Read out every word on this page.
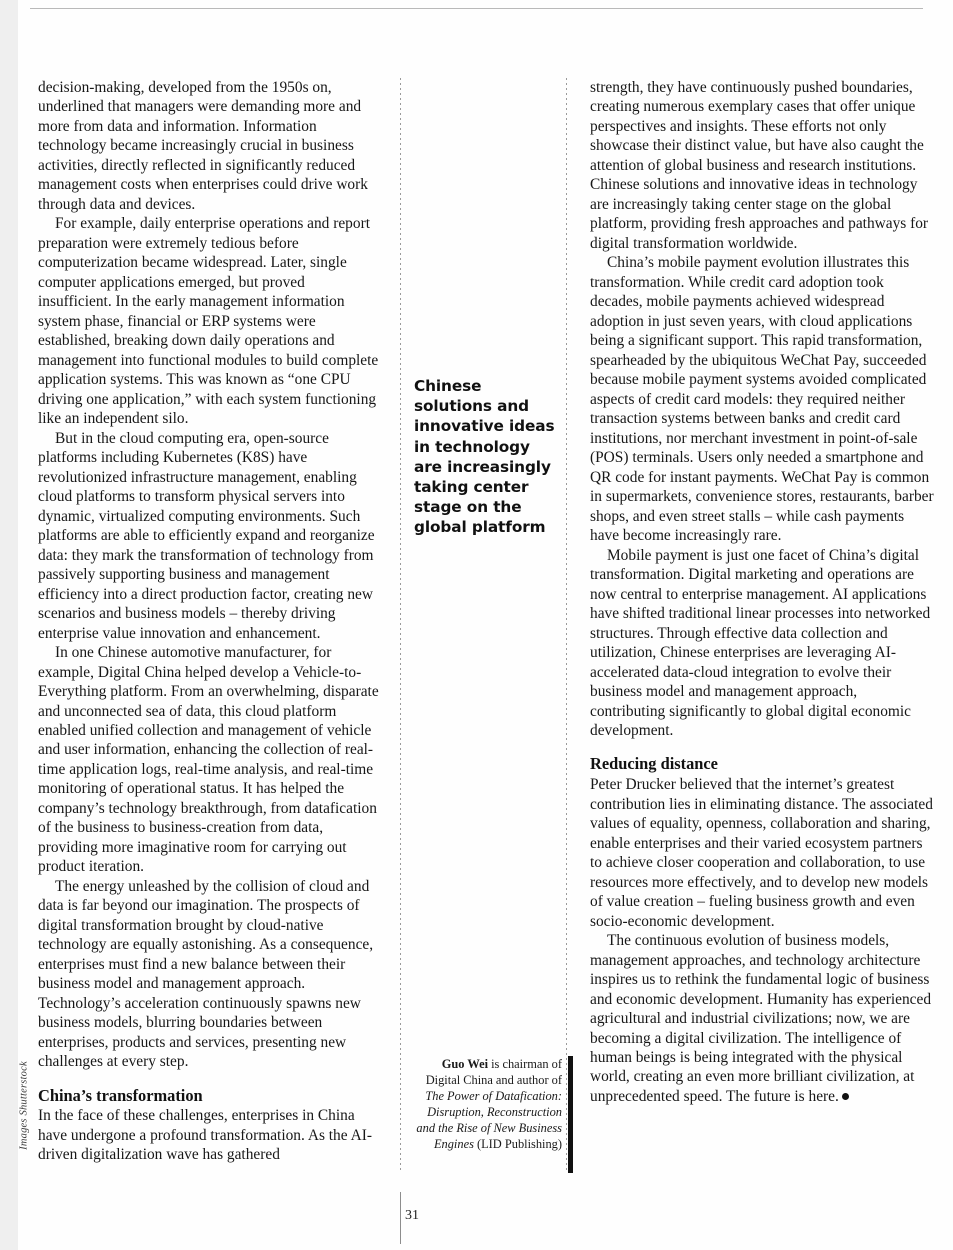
Images Shutterstock

decision-making, developed from the 1950s on, underlined that managers were demanding more and more from data and information. Information technology became increasingly crucial in business activities, directly reflected in significantly reduced management costs when enterprises could drive work through data and devices.

For example, daily enterprise operations and report preparation were extremely tedious before computerization became widespread. Later, single computer applications emerged, but proved insufficient. In the early management information system phase, financial or ERP systems were established, breaking down daily operations and management into functional modules to build complete application systems. This was known as “one CPU driving one application,” with each system functioning like an independent silo.

But in the cloud computing era, open-source platforms including Kubernetes (K8S) have revolutionized infrastructure management, enabling cloud platforms to transform physical servers into dynamic, virtualized computing environments. Such platforms are able to efficiently expand and reorganize data: they mark the transformation of technology from passively supporting business and management efficiency into a direct production factor, creating new scenarios and business models – thereby driving enterprise value innovation and enhancement.

In one Chinese automotive manufacturer, for example, Digital China helped develop a Vehicle-to-Everything platform. From an overwhelming, disparate and unconnected sea of data, this cloud platform enabled unified collection and management of vehicle and user information, enhancing the collection of real-time application logs, real-time analysis, and real-time monitoring of operational status. It has helped the company’s technology breakthrough, from datafication of the business to business-creation from data, providing more imaginative room for carrying out product iteration.

The energy unleashed by the collision of cloud and data is far beyond our imagination. The prospects of digital transformation brought by cloud-native technology are equally astonishing. As a consequence, enterprises must find a new balance between their business model and management approach. Technology’s acceleration continuously spawns new business models, blurring boundaries between enterprises, products and services, presenting new challenges at every step.

China’s transformation

In the face of these challenges, enterprises in China have undergone a profound transformation. As the AI-driven digitalization wave has gathered

Chinese solutions and innovative ideas in technology are increasingly taking center stage on the global platform
Guo Wei is chairman of Digital China and author of The Power of Datafication: Disruption, Reconstruction and the Rise of New Business Engines (LID Publishing)

strength, they have continuously pushed boundaries, creating numerous exemplary cases that offer unique perspectives and insights. These efforts not only showcase their distinct value, but have also caught the attention of global business and research institutions. Chinese solutions and innovative ideas in technology are increasingly taking center stage on the global platform, providing fresh approaches and pathways for digital transformation worldwide.

China’s mobile payment evolution illustrates this transformation. While credit card adoption took decades, mobile payments achieved widespread adoption in just seven years, with cloud applications being a significant support. This rapid transformation, spearheaded by the ubiquitous WeChat Pay, succeeded because mobile payment systems avoided complicated aspects of credit card models: they required neither transaction systems between banks and credit card institutions, nor merchant investment in point-of-sale (POS) terminals. Users only needed a smartphone and QR code for instant payments. WeChat Pay is common in supermarkets, convenience stores, restaurants, barber shops, and even street stalls – while cash payments have become increasingly rare.

Mobile payment is just one facet of China’s digital transformation. Digital marketing and operations are now central to enterprise management. AI applications have shifted traditional linear processes into networked structures. Through effective data collection and utilization, Chinese enterprises are leveraging AI-accelerated data-cloud integration to evolve their business model and management approach, contributing significantly to global digital economic development.

Reducing distance

Peter Drucker believed that the internet’s greatest contribution lies in eliminating distance. The associated values of equality, openness, collaboration and sharing, enable enterprises and their varied ecosystem partners to achieve closer cooperation and collaboration, to use resources more effectively, and to develop new models of value creation – fueling business growth and even socio-economic development.

The continuous evolution of business models, management approaches, and technology architecture inspires us to rethink the fundamental logic of business and economic development. Humanity has experienced agricultural and industrial civilizations; now, we are becoming a digital civilization. The intelligence of human beings is being integrated with the physical world, creating an even more brilliant civilization, at unprecedented speed. The future is here.

31
